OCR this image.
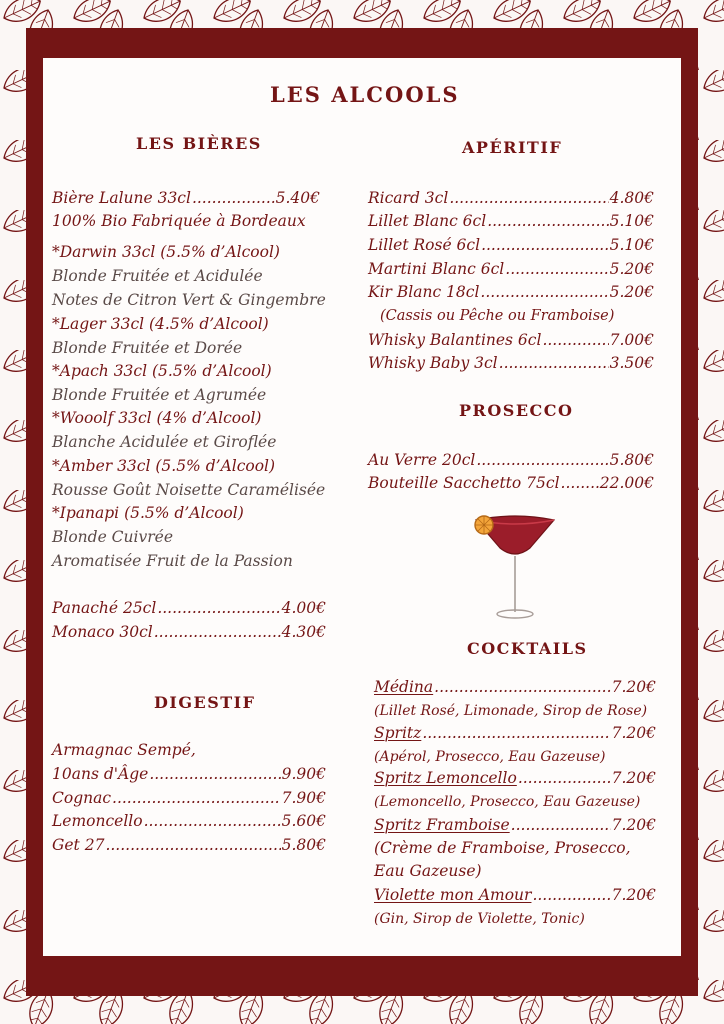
LES ALCOOLS
LES BIÈRES
Bière Lalune 33cl .....	5.40€
100% Bio Fabriquée à Bordeaux
*Darwin 33cl (5.5% d’Alcool)
Blonde Fruitée et Acidulée
Notes de Citron Vert & Gingembre
*Lager 33cl (4.5% d’Alcool)
Blonde Fruitée et Dorée
*Apach 33cl (5.5% d’Alcool)
Blonde Fruitée et Agrumée
*Wooolf 33cl (4% d’Alcool)
Blanche Acidulée et Giroflée
*Amber 33cl (5.5% d’Alcool)
Rousse Goût Noisette Caramélisée
*Ipanapi (5.5% d’Alcool)
Blonde Cuivrée
Aromatisée Fruit de la Passion
Panaché 25cl .....	4.00€
Monaco 30cl .....	4.30€
DIGESTIF
Armagnac Sempé,
10ans d'Âge .....	9.90€
Cognac .....	7.90€
Lemoncello .....	5.60€
Get 27 .....	5.80€
APÉRITIF
Ricard 3cl .....	4.80€
Lillet Blanc 6cl .....	5.10€
Lillet Rosé 6cl .....	5.10€
Martini Blanc 6cl .....	5.20€
Kir Blanc 18cl .....	5.20€
(Cassis ou Pêche ou Framboise)
Whisky Balantines 6cl .....	7.00€
Whisky Baby 3cl .....	3.50€
PROSECCO
Au Verre 20cl .....	5.80€
Bouteille Sacchetto 75cl .....	22.00€
COCKTAILS
Médina .....	7.20€
(Lillet Rosé, Limonade, Sirop de Rose)
Spritz .....	7.20€
(Apérol, Prosecco, Eau Gazeuse)
Spritz Lemoncello .....	7.20€
(Lemoncello, Prosecco, Eau Gazeuse)
Spritz Framboise .....	7.20€
(Crème de Framboise, Prosecco,
Eau Gazeuse)
Violette mon Amour .....	7.20€
(Gin, Sirop de Violette, Tonic)
